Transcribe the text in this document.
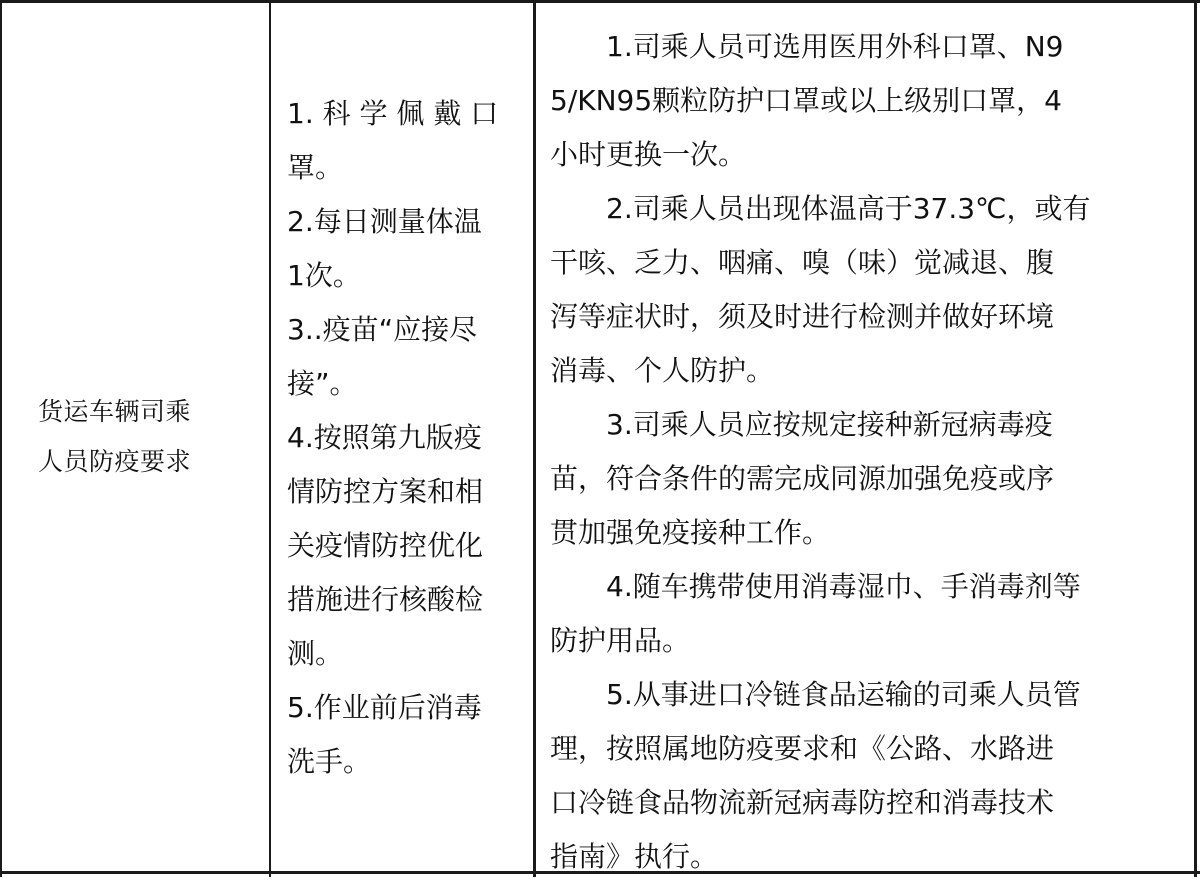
货运车辆司乘
人员防疫要求
1. 科 学 佩 戴 口
罩。
2.每日测量体温
1次。
3..疫苗“应接尽
接”。
4.按照第九版疫
情防控方案和相
关疫情防控优化
措施进行核酸检
测。
5.作业前后消毒
洗手。
1.司乘人员可选用医用外科口罩、N9
5/KN95颗粒防护口罩或以上级别口罩，4
小时更换一次。
2.司乘人员出现体温高于37.3℃，或有
干咳、乏力、咽痛、嗅（味）觉减退、腹
泻等症状时，须及时进行检测并做好环境
消毒、个人防护。
3.司乘人员应按规定接种新冠病毒疫
苗，符合条件的需完成同源加强免疫或序
贯加强免疫接种工作。
4.随车携带使用消毒湿巾、手消毒剂等
防护用品。
5.从事进口冷链食品运输的司乘人员管
理，按照属地防疫要求和《公路、水路进
口冷链食品物流新冠病毒防控和消毒技术
指南》执行。
